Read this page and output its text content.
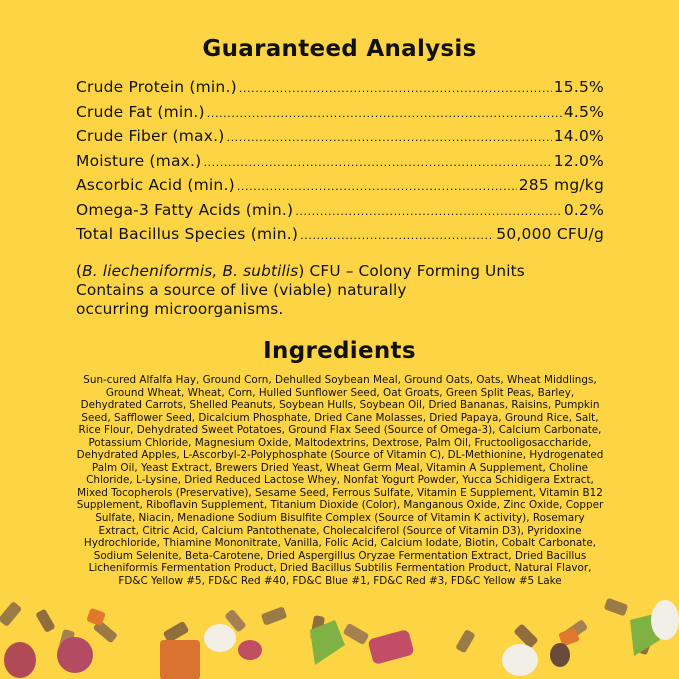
Guaranteed Analysis
Crude Protein (min.) .....	15.5%
Crude Fat (min.) .....	4.5%
Crude Fiber (max.) .....	14.0%
Moisture (max.) .....	12.0%
Ascorbic Acid (min.) .....	285 mg/kg
Omega-3 Fatty Acids (min.) .....	0.2%
Total Bacillus Species (min.) .....	50,000 CFU/g
(B. liecheniformis, B. subtilis) CFU – Colony Forming Units
Contains a source of live (viable) naturally
occurring microorganisms.
Ingredients
Sun-cured Alfalfa Hay, Ground Corn, Dehulled Soybean Meal, Ground Oats, Oats, Wheat Middlings, Ground Wheat, Wheat, Corn, Hulled Sunflower Seed, Oat Groats, Green Split Peas, Barley, Dehydrated Carrots, Shelled Peanuts, Soybean Hulls, Soybean Oil, Dried Bananas, Raisins, Pumpkin Seed, Safflower Seed, Dicalcium Phosphate, Dried Cane Molasses, Dried Papaya, Ground Rice, Salt, Rice Flour, Dehydrated Sweet Potatoes, Ground Flax Seed (Source of Omega-3), Calcium Carbonate, Potassium Chloride, Magnesium Oxide, Maltodextrins, Dextrose, Palm Oil, Fructooligosaccharide, Dehydrated Apples, L-Ascorbyl-2-Polyphosphate (Source of Vitamin C), DL-Methionine, Hydrogenated Palm Oil, Yeast Extract, Brewers Dried Yeast, Wheat Germ Meal, Vitamin A Supplement, Choline Chloride, L-Lysine, Dried Reduced Lactose Whey, Nonfat Yogurt Powder, Yucca Schidigera Extract, Mixed Tocopherols (Preservative), Sesame Seed, Ferrous Sulfate, Vitamin E Supplement, Vitamin B12 Supplement, Riboflavin Supplement, Titanium Dioxide (Color), Manganous Oxide, Zinc Oxide, Copper Sulfate, Niacin, Menadione Sodium Bisulfite Complex (Source of Vitamin K activity), Rosemary Extract, Citric Acid, Calcium Pantothenate, Cholecalciferol (Source of Vitamin D3), Pyridoxine Hydrochloride, Thiamine Mononitrate, Vanilla, Folic Acid, Calcium Iodate, Biotin, Cobalt Carbonate, Sodium Selenite, Beta-Carotene, Dried Aspergillus Oryzae Fermentation Extract, Dried Bacillus Licheniformis Fermentation Product, Dried Bacillus Subtilis Fermentation Product, Natural Flavor, FD&C Yellow #5, FD&C Red #40, FD&C Blue #1, FD&C Red #3, FD&C Yellow #5 Lake
